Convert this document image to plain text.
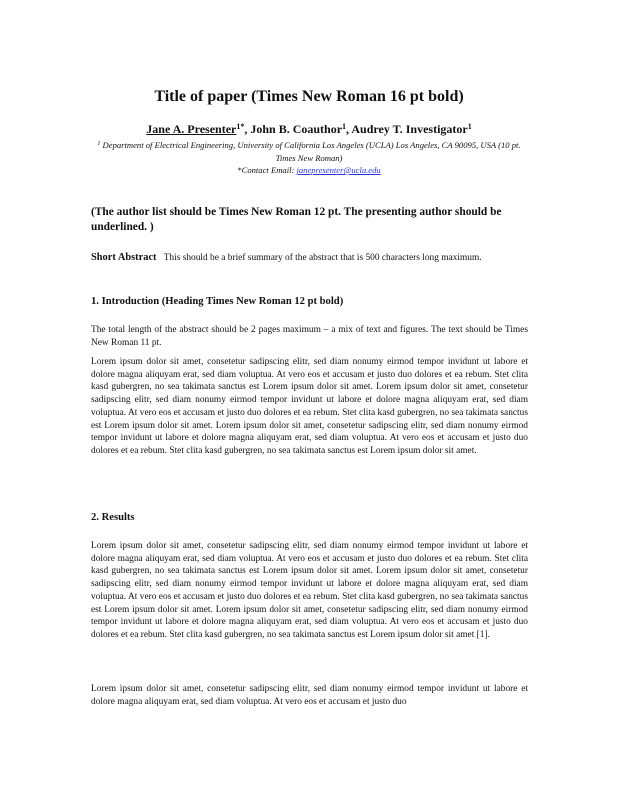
Title of paper (Times New Roman 16 pt bold)
Jane A. Presenter$^{1*}$, John B. Coauthor$^1$, Audrey T. Investigator$^1$
$^1$ Department of Electrical Engineering, University of California Los Angeles (UCLA) Los Angeles, CA 90095, USA (10 pt. Times New Roman)
*Contact Email: janepresenter@ucla.edu

(The author list should be Times New Roman 12 pt. The presenting author should be underlined. )

Short Abstract This should be a brief summary of the abstract that is 500 characters long maximum.

1. Introduction (Heading Times New Roman 12 pt bold)

The total length of the abstract should be 2 pages maximum – a mix of text and figures. The text should be Times New Roman 11 pt.

Lorem ipsum dolor sit amet, consetetur sadipscing elitr, sed diam nonumy eirmod tempor invidunt ut labore et dolore magna aliquyam erat, sed diam voluptua. At vero eos et accusam et justo duo dolores et ea rebum. Stet clita kasd gubergren, no sea takimata sanctus est Lorem ipsum dolor sit amet. Lorem ipsum dolor sit amet, consetetur sadipscing elitr, sed diam nonumy eirmod tempor invidunt ut labore et dolore magna aliquyam erat, sed diam voluptua. At vero eos et accusam et justo duo dolores et ea rebum. Stet clita kasd gubergren, no sea takimata sanctus est Lorem ipsum dolor sit amet. Lorem ipsum dolor sit amet, consetetur sadipscing elitr, sed diam nonumy eirmod tempor invidunt ut labore et dolore magna aliquyam erat, sed diam voluptua. At vero eos et accusam et justo duo dolores et ea rebum. Stet clita kasd gubergren, no sea takimata sanctus est Lorem ipsum dolor sit amet.

2. Results

Lorem ipsum dolor sit amet, consetetur sadipscing elitr, sed diam nonumy eirmod tempor invidunt ut labore et dolore magna aliquyam erat, sed diam voluptua. At vero eos et accusam et justo duo dolores et ea rebum. Stet clita kasd gubergren, no sea takimata sanctus est Lorem ipsum dolor sit amet. Lorem ipsum dolor sit amet, consetetur sadipscing elitr, sed diam nonumy eirmod tempor invidunt ut labore et dolore magna aliquyam erat, sed diam voluptua. At vero eos et accusam et justo duo dolores et ea rebum. Stet clita kasd gubergren, no sea takimata sanctus est Lorem ipsum dolor sit amet. Lorem ipsum dolor sit amet, consetetur sadipscing elitr, sed diam nonumy eirmod tempor invidunt ut labore et dolore magna aliquyam erat, sed diam voluptua. At vero eos et accusam et justo duo dolores et ea rebum. Stet clita kasd gubergren, no sea takimata sanctus est Lorem ipsum dolor sit amet [1].

Lorem ipsum dolor sit amet, consetetur sadipscing elitr, sed diam nonumy eirmod tempor invidunt ut labore et dolore magna aliquyam erat, sed diam voluptua. At vero eos et accusam et justo duo
